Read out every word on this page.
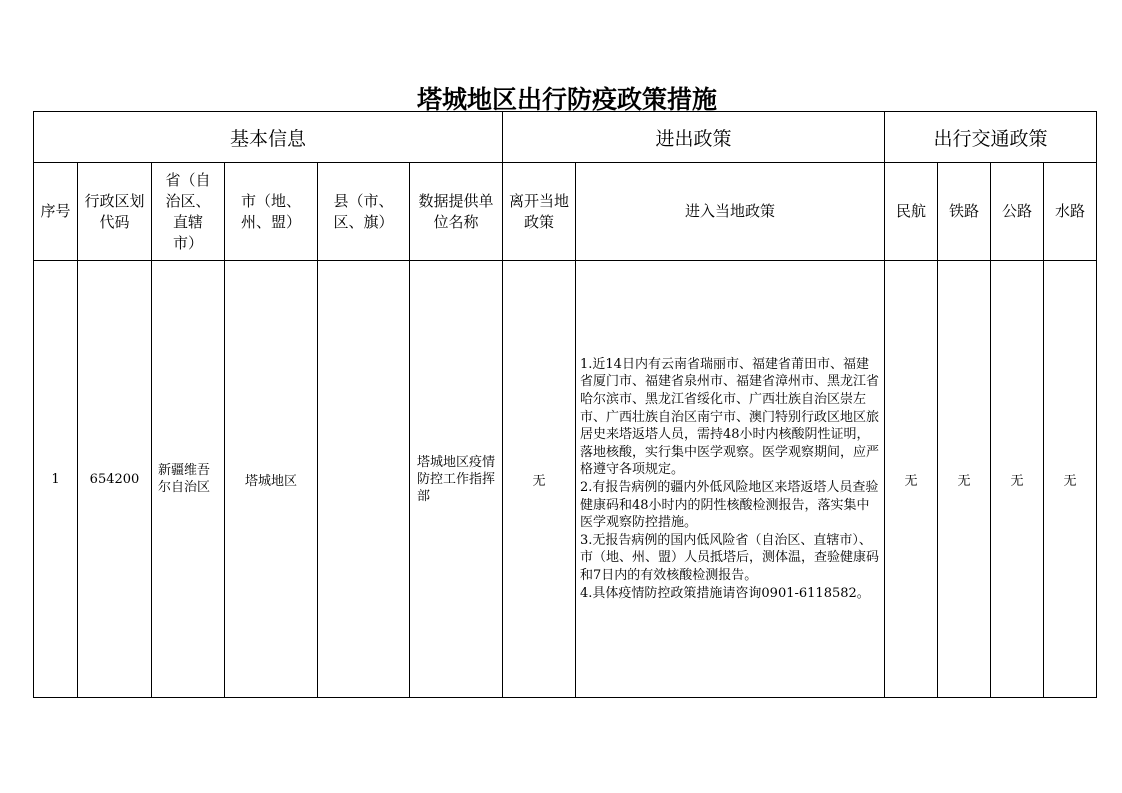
塔城地区出行防疫政策措施
基本信息						进出政策		出行交通政策			
序号	行政区划代码	省（自治区、直辖市）	市（地、州、盟）	县（市、区、旗）	数据提供单位名称	离开当地政策	进入当地政策	民航	铁路	公路	水路
1	654200	新疆维吾尔自治区	塔城地区		塔城地区疫情防控工作指挥部	无	1.近14日内有云南省瑞丽市、福建省莆田市、福建省厦门市、福建省泉州市、福建省漳州市、黑龙江省哈尔滨市、黑龙江省绥化市、广西壮族自治区崇左市、广西壮族自治区南宁市、澳门特别行政区地区旅居史来塔返塔人员，需持48小时内核酸阴性证明，落地核酸，实行集中医学观察。医学观察期间，应严格遵守各项规定。

2.有报告病例的疆内外低风险地区来塔返塔人员查验健康码和48小时内的阴性核酸检测报告，落实集中医学观察防控措施。

3.无报告病例的国内低风险省（自治区、直辖市）、市（地、州、盟）人员抵塔后，测体温，查验健康码和7日内的有效核酸检测报告。

4.具体疫情防控政策措施请咨询0901-6118582。	无	无	无	无
